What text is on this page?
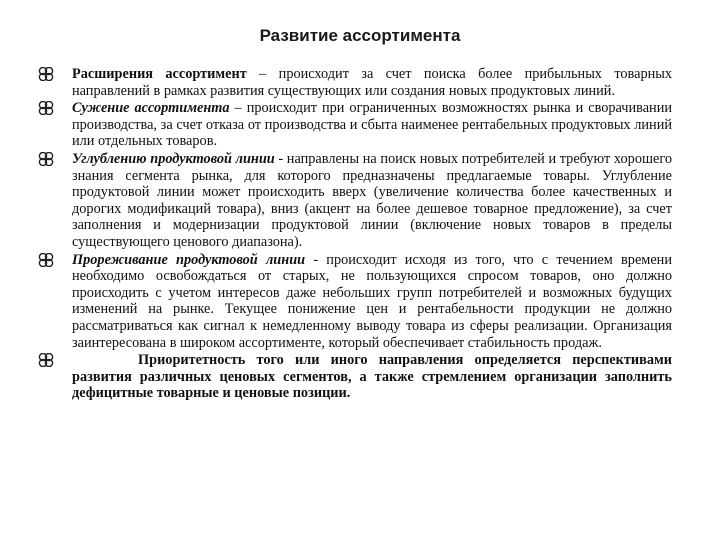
Развитие ассортимента
Расширения ассортимент – происходит за счет поиска более прибыльных товарных направлений в рамках развития существующих или создания новых продуктовых линий.
Сужение ассортимента – происходит при ограниченных возможностях рынка и сворачивании производства, за счет отказа от производства и сбыта наименее рентабельных продуктовых линий или отдельных товаров.
Углублению продуктовой линии - направлены на поиск новых потребителей и требуют хорошего знания сегмента рынка, для которого предназначены предлагаемые товары. Углубление продуктовой линии может происходить вверх (увеличение количества более качественных и дорогих модификаций товара), вниз (акцент на более дешевое товарное предложение), за счет заполнения и модернизации продуктовой линии (включение новых товаров в пределы существующего ценового диапазона).
Прореживание продуктовой линии - происходит исходя из того, что с течением времени необходимо освобождаться от старых, не пользующихся спросом товаров, оно должно происходить с учетом интересов даже небольших групп потребителей и возможных будущих изменений на рынке. Текущее понижение цен и рентабельности продукции не должно рассматриваться как сигнал к немедленному выводу товара из сферы реализации. Организация заинтересована в широком ассортименте, который обеспечивает стабильность продаж.
Приоритетность того или иного направления определяется перспективами развития различных ценовых сегментов, а также стремлением организации заполнить дефицитные товарные и ценовые позиции.
